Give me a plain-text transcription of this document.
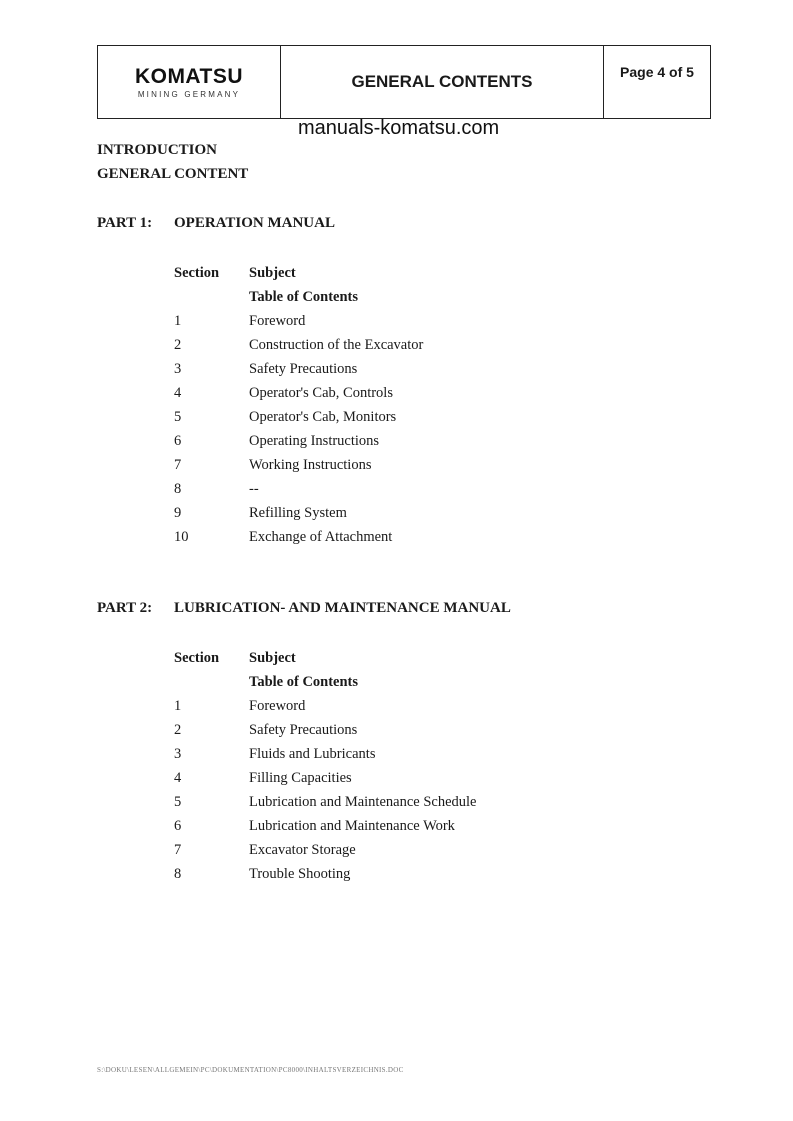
KOMATSU
MINING GERMANY
GENERAL CONTENTS	Page 4 of 5
manuals-komatsu.com
INTRODUCTION
GENERAL CONTENT
PART 1: OPERATION MANUAL
Section	Subject
Table of Contents
1	Foreword
2	Construction of the Excavator
3	Safety Precautions
4	Operator's Cab, Controls
5	Operator's Cab, Monitors
6	Operating Instructions
7	Working Instructions
8	--
9	Refilling System
10	Exchange of Attachment
PART 2: LUBRICATION- AND MAINTENANCE MANUAL
Section	Subject
Table of Contents
1	Foreword
2	Safety Precautions
3	Fluids and Lubricants
4	Filling Capacities
5	Lubrication and Maintenance Schedule
6	Lubrication and Maintenance Work
7	Excavator Storage
8	Trouble Shooting
S:\DOKU\LESEN\ALLGEMEIN\PC\DOKUMENTATION\PC8000\INHALTSVERZEICHNIS.DOC
